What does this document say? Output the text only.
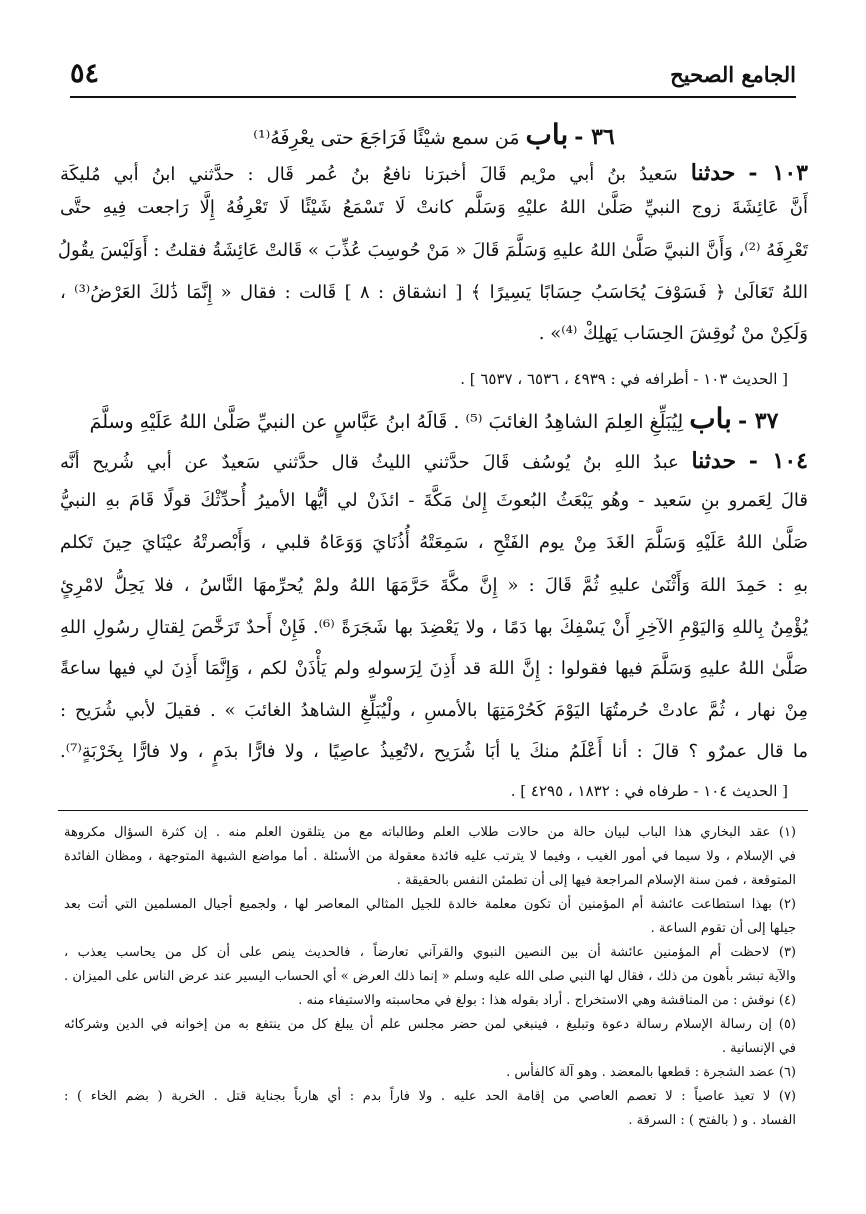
الجامع الصحيح
٥٤
٣٦ - باب مَن سمع شيْئًا فَرَاجَعَ حتى يعْرِفَهُ⁽¹⁾
١٠٣ - حدثنا سَعيدُ بنُ أبي مرْيم قَالَ أخبرَنا نافعُ بنُ عُمر قَال : حدَّثني ابنُ أبي مُليكَة
أَنَّ عَائِشَةَ زوج النبيِّ صَلَّىٰ اللهُ عليْهِ وَسَلَّم كانتْ لَا تَسْمَعُ شَيْئًا لَا تَعْرِفُهُ إِلَّا رَاجعت فِيهِ حتَّى
تَعْرِفَهُ ⁽²⁾، وَأَنَّ النبيَّ صَلَّىٰ اللهُ عليهِ وَسَلَّمَ قَالَ « مَنْ حُوسِبَ عُذِّبَ » قَالتْ عَائِشَةُ فقلتُ : أَوَلَيْسَ يقُولُ
اللهُ تَعَالَىٰ ﴿ فَسَوْفَ يُحَاسَبُ حِسَابًا يَسِيرًا ﴾ [ انشقاق : ٨ ] قَالت : فقال « إِنَّمَا ذَٰلكَ العَرْضُ⁽³⁾ ،
وَلَكِنْ منْ نُوقِشَ الحِسَاب يَهلِكْ ⁽⁴⁾» .
[ الحديث ١٠٣ - أطرافه في : ٤٩٣٩ ، ٦٥٣٦ ، ٦٥٣٧ ] .
٣٧ - باب لِيُبَلِّغِ العِلمَ الشاهِدُ الغائبَ ⁽⁵⁾ . قَالَهُ ابنُ عَبَّاسٍ عن النبيِّ صَلَّىٰ اللهُ عَلَيْهِ وسلَّمَ
١٠٤ - حدثنا عبدُ اللهِ بنُ يُوسُف قَالَ حدَّثني الليثُ قال حدَّثني سَعيدٌ عن أبي شُريح أنَّه
قالَ لِعَمرو بنِ سَعيد - وهُو يَبْعَثُ البُعوثَ إِلىٰ مَكَّةَ - ائذَنْ لي أيُّها الأميرُ أُحدِّثْكَ قولًا قَامَ بهِ النبيُّ
صَلَّىٰ اللهُ عَلَيْهِ وَسَلَّمَ الغَدَ مِنْ يوم الفَتْحِ ، سَمِعَتْهُ أُذُنَايَ وَوَعَاهُ قلبي ، وَأَبْصرتْهُ عيْنَايَ حِينَ تَكلم
بهِ : حَمِدَ اللهَ وَأَثْنَىٰ عليهِ ثُمَّ قَالَ : « إِنَّ مكَّةَ حَرَّمَهَا اللهُ ولمْ يُحرِّمهَا النَّاسُ ، فلا يَحِلُّ لامْرِئٍ
يُؤْمِنُ بِاللهِ وَاليَوْمِ الآخِرِ أَنْ يَسْفِكَ بها دَمًا ، ولا يَعْضِدَ بها شَجَرَةً ⁽⁶⁾. فَإِنْ أَحدٌ تَرَخَّصَ لِقتالِ رسُولِ اللهِ
صَلَّىٰ اللهُ عليهِ وَسَلَّمَ فيها فقولوا : إِنَّ اللهَ قد أَذِنَ لِرَسولهِ ولم يَأْذَنْ لكم ، وَإِنَّمَا أَذِنَ لي فيها ساعةً
مِنْ نهار ، ثُمَّ عادتْ حُرمتُهَا اليَوْمَ كَحُرْمَتِهَا بالأمسِ ، ولْيُبَلِّغِ الشاهدُ الغائبَ » . فقيلَ لأبي شُرَيح :
ما قال عمرٌو ؟ قالَ : أنا أَعْلَمُ منكَ يا أبَا شُرَيح ،لاتُعِيذُ عاصِيًا ، ولا فارًّا بدَمٍ ، ولا فارًّا بِخَرْبَةٍ⁽⁷⁾.
[ الحديث ١٠٤ - طرفاه في : ١٨٣٢ ، ٤٢٩٥ ] .
(١) عقد البخاري هذا الباب لبيان حالة من حالات طلاب العلم وطالباته مع من يتلقون العلم منه . إن كثرة السؤال مكروهة
في الإسلام ، ولا سيما في أمور الغيب ، وفيما لا يترتب عليه فائدة معقولة من الأسئلة . أما مواضع الشبهة المتوجهة ، ومظان الفائدة
المتوقعة ، فمن سنة الإسلام المراجعة فيها إلى أن تطمئن النفس بالحقيقة .
(٢) بهذا استطاعت عائشة أم المؤمنين أن تكون معلمة خالدة للجيل المثالي المعاصر لها ، ولجميع أجيال المسلمين التي أتت بعد
جيلها إلى أن تقوم الساعة .
(٣) لاحظت أم المؤمنين عائشة أن بين النصين النبوي والقرآني تعارضاً ، فالحديث ينص على أن كل من يحاسب يعذب ،
والآية تبشر بأهون من ذلك ، فقال لها النبي صلى الله عليه وسلم « إنما ذلك العرض » أي الحساب اليسير عند عرض الناس على الميزان .
(٤) نوقش : من المناقشة وهي الاستخراج . أراد بقوله هذا : بولغ في محاسبته والاستيفاء منه .
(٥) إن رسالة الإسلام رسالة دعوة وتبليغ ، فينبغي لمن حضر مجلس علم أن يبلغ كل من ينتفع به من إخوانه في الدين وشركائه
في الإنسانية .
(٦) عضد الشجرة : قطعها بالمعضد . وهو آلة كالفأس .
(٧) لا تعيذ عاصياً : لا تعصم العاصي من إقامة الحد عليه . ولا فاراً بدم : أي هارباً بجناية قتل . الخربة ( بضم الخاء ) :
الفساد . و ( بالفتح ) : السرقة .
